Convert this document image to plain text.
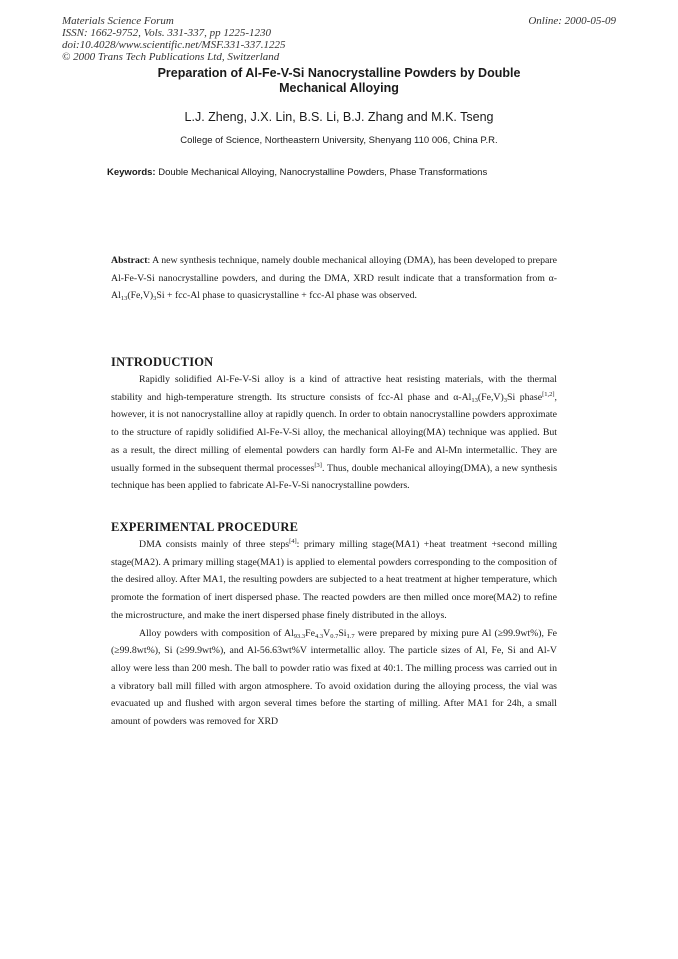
Materials Science Forum
ISSN: 1662-9752, Vols. 331-337, pp 1225-1230
doi:10.4028/www.scientific.net/MSF.331-337.1225
© 2000 Trans Tech Publications Ltd, Switzerland
Online: 2000-05-09
Preparation of Al-Fe-V-Si Nanocrystalline Powders by Double
Mechanical Alloying
L.J. Zheng, J.X. Lin, B.S. Li, B.J. Zhang and M.K. Tseng
College of Science, Northeastern University, Shenyang 110 006, China P.R.
Keywords: Double Mechanical Alloying, Nanocrystalline Powders, Phase Transformations

Abstract: A new synthesis technique, namely double mechanical alloying (DMA), has been developed to prepare Al-Fe-V-Si nanocrystalline powders, and during the DMA, XRD result indicate that a transformation from $\alpha-Al_{13}(Fe,V)_3Si + fcc-Al$ phase to quasicrystalline + fcc-Al phase was observed.

INTRODUCTION

Rapidly solidified Al-Fe-V-Si alloy is a kind of attractive heat resisting materials, with the thermal stability and high-temperature strength. Its structure consists of fcc-Al phase and $\alpha-Al_{13}(Fe,V)_3Si$ phase[1,2], however, it is not nanocrystalline alloy at rapidly quench. In order to obtain nanocrystalline powders approximate to the structure of rapidly solidified Al-Fe-V-Si alloy, the mechanical alloying(MA) technique was applied. But as a result, the direct milling of elemental powders can hardly form Al-Fe and Al-Mn intermetallic. They are usually formed in the subsequent thermal processes[3]. Thus, double mechanical alloying(DMA), a new synthesis technique has been applied to fabricate Al-Fe-V-Si nanocrystalline powders.

EXPERIMENTAL PROCEDURE

DMA consists mainly of three steps[4]: primary milling stage(MA1) +heat treatment +second milling stage(MA2). A primary milling stage(MA1) is applied to elemental powders corresponding to the composition of the desired alloy. After MA1, the resulting powders are subjected to a heat treatment at higher temperature, which promote the formation of inert dispersed phase. The reacted powders are then milled once more(MA2) to refine the microstructure, and make the inert dispersed phase finely distributed in the alloys.

Alloy powders with composition of $Al_{93.3}Fe_{4.3}V_{0.7}Si_{1.7}$ were prepared by mixing pure Al (≥99.9wt%), Fe (≥99.8wt%), Si (≥99.9wt%), and Al-56.63wt%V intermetallic alloy. The particle sizes of Al, Fe, Si and Al-V alloy were less than 200 mesh. The ball to powder ratio was fixed at 40:1. The milling process was carried out in a vibratory ball mill filled with argon atmosphere. To avoid oxidation during the alloying process, the vial was evacuated up and flushed with argon several times before the starting of milling. After MA1 for 24h, a small amount of powders was removed for XRD
